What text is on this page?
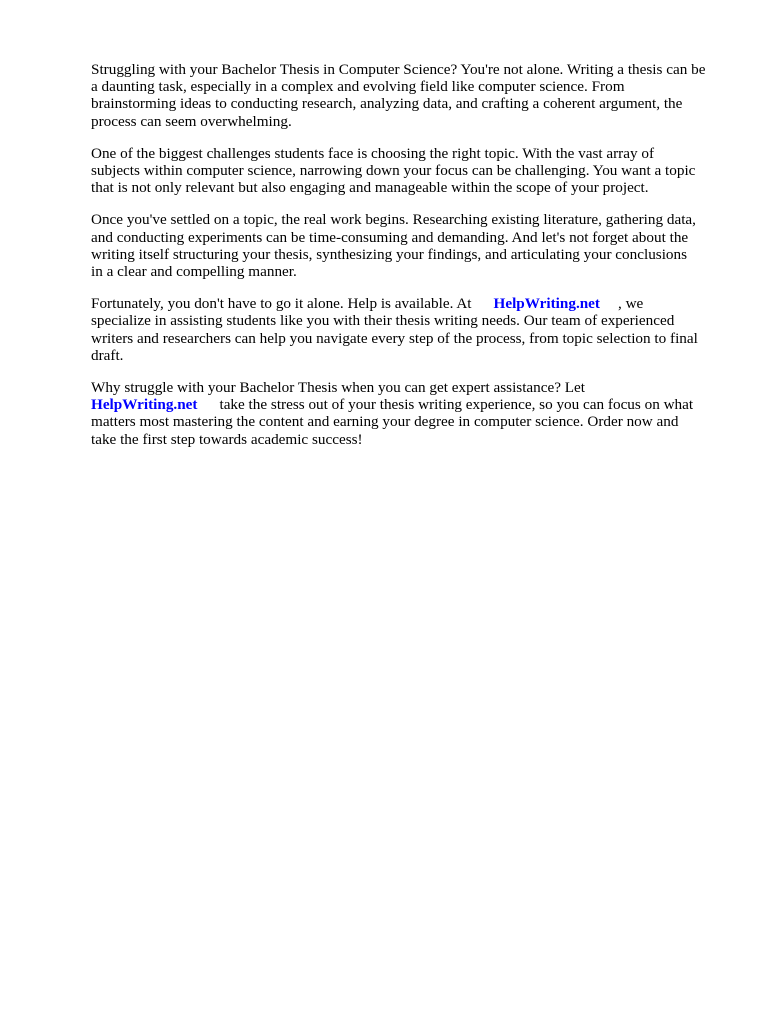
Struggling with your Bachelor Thesis in Computer Science? You're not alone. Writing a thesis can be
a daunting task, especially in a complex and evolving field like computer science. From
brainstorming ideas to conducting research, analyzing data, and crafting a coherent argument, the
process can seem overwhelming.

One of the biggest challenges students face is choosing the right topic. With the vast array of
subjects within computer science, narrowing down your focus can be challenging. You want a topic
that is not only relevant but also engaging and manageable within the scope of your project.

Once you've settled on a topic, the real work begins. Researching existing literature, gathering data,
and conducting experiments can be time-consuming and demanding. And let's not forget about the
writing itself structuring your thesis, synthesizing your findings, and articulating your conclusions
in a clear and compelling manner.

Fortunately, you don't have to go it alone. Help is available. At HelpWriting.net , we
specialize in assisting students like you with their thesis writing needs. Our team of experienced
writers and researchers can help you navigate every step of the process, from topic selection to final
draft.

Why struggle with your Bachelor Thesis when you can get expert assistance? Let
HelpWriting.net take the stress out of your thesis writing experience, so you can focus on what
matters most mastering the content and earning your degree in computer science. Order now and
take the first step towards academic success!
